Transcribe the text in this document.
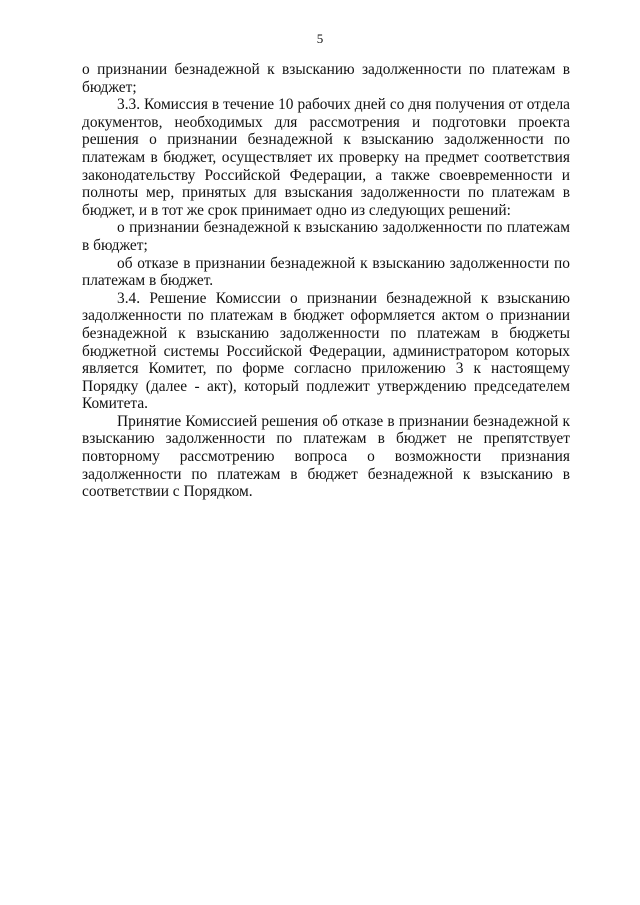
5

о признании безнадежной к взысканию задолженности по платежам в бюджет;

3.3. Комиссия в течение 10 рабочих дней со дня получения от отдела документов, необходимых для рассмотрения и подготовки проекта решения о признании безнадежной к взысканию задолженности по платежам в бюджет, осуществляет их проверку на предмет соответствия законодательству Российской Федерации, а также своевременности и полноты мер, принятых для взыскания задолженности по платежам в бюджет, и в тот же срок принимает одно из следующих решений:

о признании безнадежной к взысканию задолженности по платежам в бюджет;

об отказе в признании безнадежной к взысканию задолженности по платежам в бюджет.

3.4. Решение Комиссии о признании безнадежной к взысканию задолженности по платежам в бюджет оформляется актом о признании безнадежной к взысканию задолженности по платежам в бюджеты бюджетной системы Российской Федерации, администратором которых является Комитет, по форме согласно приложению 3 к настоящему Порядку (далее - акт), который подлежит утверждению председателем Комитета.

Принятие Комиссией решения об отказе в признании безнадежной к взысканию задолженности по платежам в бюджет не препятствует повторному рассмотрению вопроса о возможности признания задолженности по платежам в бюджет безнадежной к взысканию в соответствии с Порядком.
